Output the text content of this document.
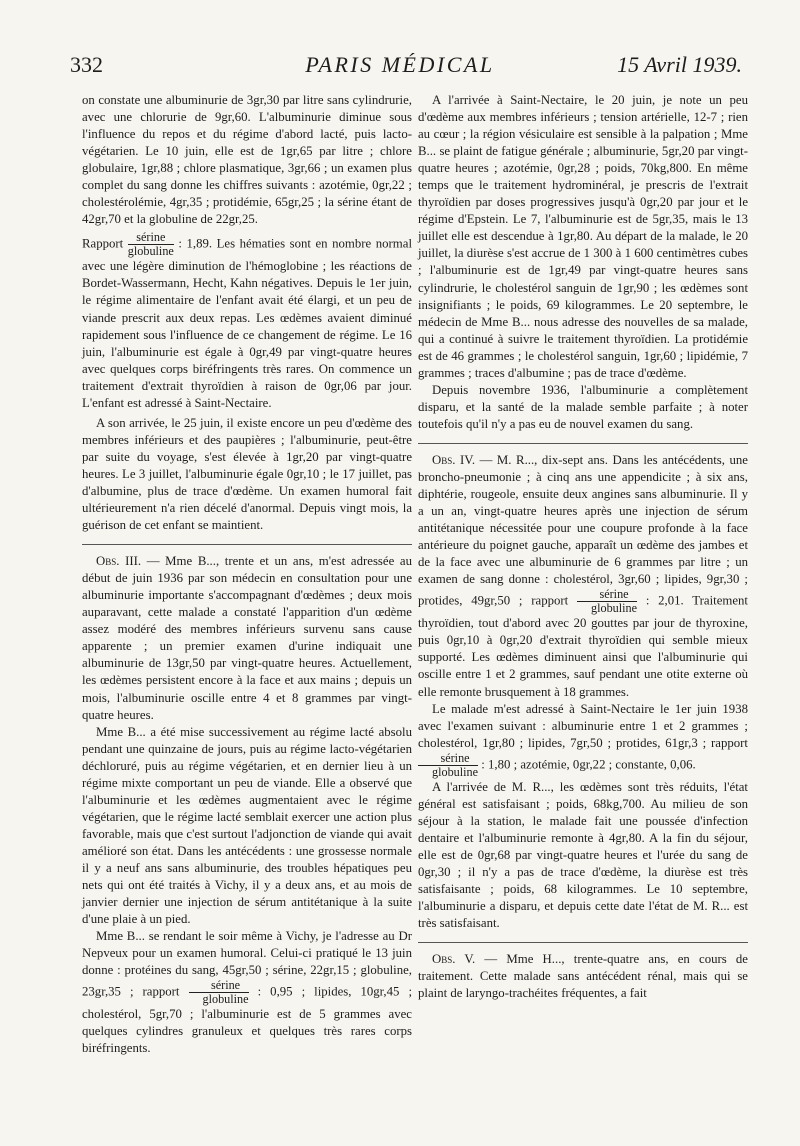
332	PARIS MÉDICAL	15 Avril 1939.

on constate une albuminurie de 3gr,30 par litre sans cylindrurie, avec une chlorurie de 9gr,60. L'albuminurie diminue sous l'influence du repos et du régime d'abord lacté, puis lacto-végétarien. Le 10 juin, elle est de 1gr,65 par litre ; chlore globulaire, 1gr,88 ; chlore plasmatique, 3gr,66 ; un examen plus complet du sang donne les chiffres suivants : azotémie, 0gr,22 ; cholestérolémie, 4gr,35 ; protidémie, 65gr,25 ; la sérine étant de 42gr,70 et la globuline de 22gr,25.

Rapport $\frac{\text{sérine}}{\text{globuline}}$ : 1,89. Les hématies sont en nombre normal avec une légère diminution de l'hémoglobine ; les réactions de Bordet-Wassermann, Hecht, Kahn négatives. Depuis le 1er juin, le régime alimentaire de l'enfant avait été élargi, et un peu de viande prescrit aux deux repas. Les œdèmes avaient diminué rapidement sous l'influence de ce changement de régime. Le 16 juin, l'albuminurie est égale à 0gr,49 par vingt-quatre heures avec quelques corps biréfringents très rares. On commence un traitement d'extrait thyroïdien à raison de 0gr,06 par jour. L'enfant est adressé à Saint-Nectaire.

A son arrivée, le 25 juin, il existe encore un peu d'œdème des membres inférieurs et des paupières ; l'albuminurie, peut-être par suite du voyage, s'est élevée à 1gr,20 par vingt-quatre heures. Le 3 juillet, l'albuminurie égale 0gr,10 ; le 17 juillet, pas d'albumine, plus de trace d'œdème. Un examen humoral fait ultérieurement n'a rien décelé d'anormal. Depuis vingt mois, la guérison de cet enfant se maintient.

Obs. III. — Mme B..., trente et un ans, m'est adressée au début de juin 1936 par son médecin en consultation pour une albuminurie importante s'accompagnant d'œdèmes ; deux mois auparavant, cette malade a constaté l'apparition d'un œdème assez modéré des membres inférieurs survenu sans cause apparente ; un premier examen d'urine indiquait une albuminurie de 13gr,50 par vingt-quatre heures. Actuellement, les œdèmes persistent encore à la face et aux mains ; depuis un mois, l'albuminurie oscille entre 4 et 8 grammes par vingt-quatre heures.

Mme B... a été mise successivement au régime lacté absolu pendant une quinzaine de jours, puis au régime lacto-végétarien déchloruré, puis au régime végétarien, et en dernier lieu à un régime mixte comportant un peu de viande. Elle a observé que l'albuminurie et les œdèmes augmentaient avec le régime végétarien, que le régime lacté semblait exercer une action plus favorable, mais que c'est surtout l'adjonction de viande qui avait amélioré son état. Dans les antécédents : une grossesse normale il y a neuf ans sans albuminurie, des troubles hépatiques peu nets qui ont été traités à Vichy, il y a deux ans, et au mois de janvier dernier une injection de sérum antitétanique à la suite d'une plaie à un pied.

Mme B... se rendant le soir même à Vichy, je l'adresse au Dr Nepveux pour un examen humoral. Celui-ci pratiqué le 13 juin donne : protéines du sang, 45gr,50 ; sérine, 22gr,15 ; globuline, 23gr,35 ; rapport $\frac{\text{sérine}}{\text{globuline}}$ : 0,95 ; lipides, 10gr,45 ; cholestérol, 5gr,70 ; l'albuminurie est de 5 grammes avec quelques cylindres granuleux et quelques très rares corps biréfringents.

A l'arrivée à Saint-Nectaire, le 20 juin, je note un peu d'œdème aux membres inférieurs ; tension artérielle, 12-7 ; rien au cœur ; la région vésiculaire est sensible à la palpation ; Mme B... se plaint de fatigue générale ; albuminurie, 5gr,20 par vingt-quatre heures ; azotémie, 0gr,28 ; poids, 70kg,800. En même temps que le traitement hydrominéral, je prescris de l'extrait thyroïdien par doses progressives jusqu'à 0gr,20 par jour et le régime d'Epstein. Le 7, l'albuminurie est de 5gr,35, mais le 13 juillet elle est descendue à 1gr,80. Au départ de la malade, le 20 juillet, la diurèse s'est accrue de 1 300 à 1 600 centimètres cubes ; l'albuminurie est de 1gr,49 par vingt-quatre heures sans cylindrurie, le cholestérol sanguin de 1gr,90 ; les œdèmes sont insignifiants ; le poids, 69 kilogrammes. Le 20 septembre, le médecin de Mme B... nous adresse des nouvelles de sa malade, qui a continué à suivre le traitement thyroïdien. La protidémie est de 46 grammes ; le cholestérol sanguin, 1gr,60 ; lipidémie, 7 grammes ; traces d'albumine ; pas de trace d'œdème.

Depuis novembre 1936, l'albuminurie a complètement disparu, et la santé de la malade semble parfaite ; à noter toutefois qu'il n'y a pas eu de nouvel examen du sang.

Obs. IV. — M. R..., dix-sept ans. Dans les antécédents, une broncho-pneumonie ; à cinq ans une appendicite ; à six ans, diphtérie, rougeole, ensuite deux angines sans albuminurie. Il y a un an, vingt-quatre heures après une injection de sérum antitétanique nécessitée pour une coupure profonde à la face antérieure du poignet gauche, apparaît un œdème des jambes et de la face avec une albuminurie de 6 grammes par litre ; un examen de sang donne : cholestérol, 3gr,60 ; lipides, 9gr,30 ; protides, 49gr,50 ; rapport $\frac{\text{sérine}}{\text{globuline}}$ : 2,01. Traitement thyroïdien, tout d'abord avec 20 gouttes par jour de thyroxine, puis 0gr,10 à 0gr,20 d'extrait thyroïdien qui semble mieux supporté. Les œdèmes diminuent ainsi que l'albuminurie qui oscille entre 1 et 2 grammes, sauf pendant une otite externe où elle remonte brusquement à 18 grammes.

Le malade m'est adressé à Saint-Nectaire le 1er juin 1938 avec l'examen suivant : albuminurie entre 1 et 2 grammes ; cholestérol, 1gr,80 ; lipides, 7gr,50 ; protides, 61gr,3 ; rapport
$\frac{\text{sérine}}{\text{globuline}}$ : 1,80 ; azotémie, 0gr,22 ; constante, 0,06.

A l'arrivée de M. R..., les œdèmes sont très réduits, l'état général est satisfaisant ; poids, 68kg,700. Au milieu de son séjour à la station, le malade fait une poussée d'infection dentaire et l'albuminurie remonte à 4gr,80. A la fin du séjour, elle est de 0gr,68 par vingt-quatre heures et l'urée du sang de 0gr,30 ; il n'y a pas de trace d'œdème, la diurèse est très satisfaisante ; poids, 68 kilogrammes. Le 10 septembre, l'albuminurie a disparu, et depuis cette date l'état de M. R... est très satisfaisant.

Obs. V. — Mme H..., trente-quatre ans, en cours de traitement. Cette malade sans antécédent rénal, mais qui se plaint de laryngo-trachéites fréquentes, a fait
